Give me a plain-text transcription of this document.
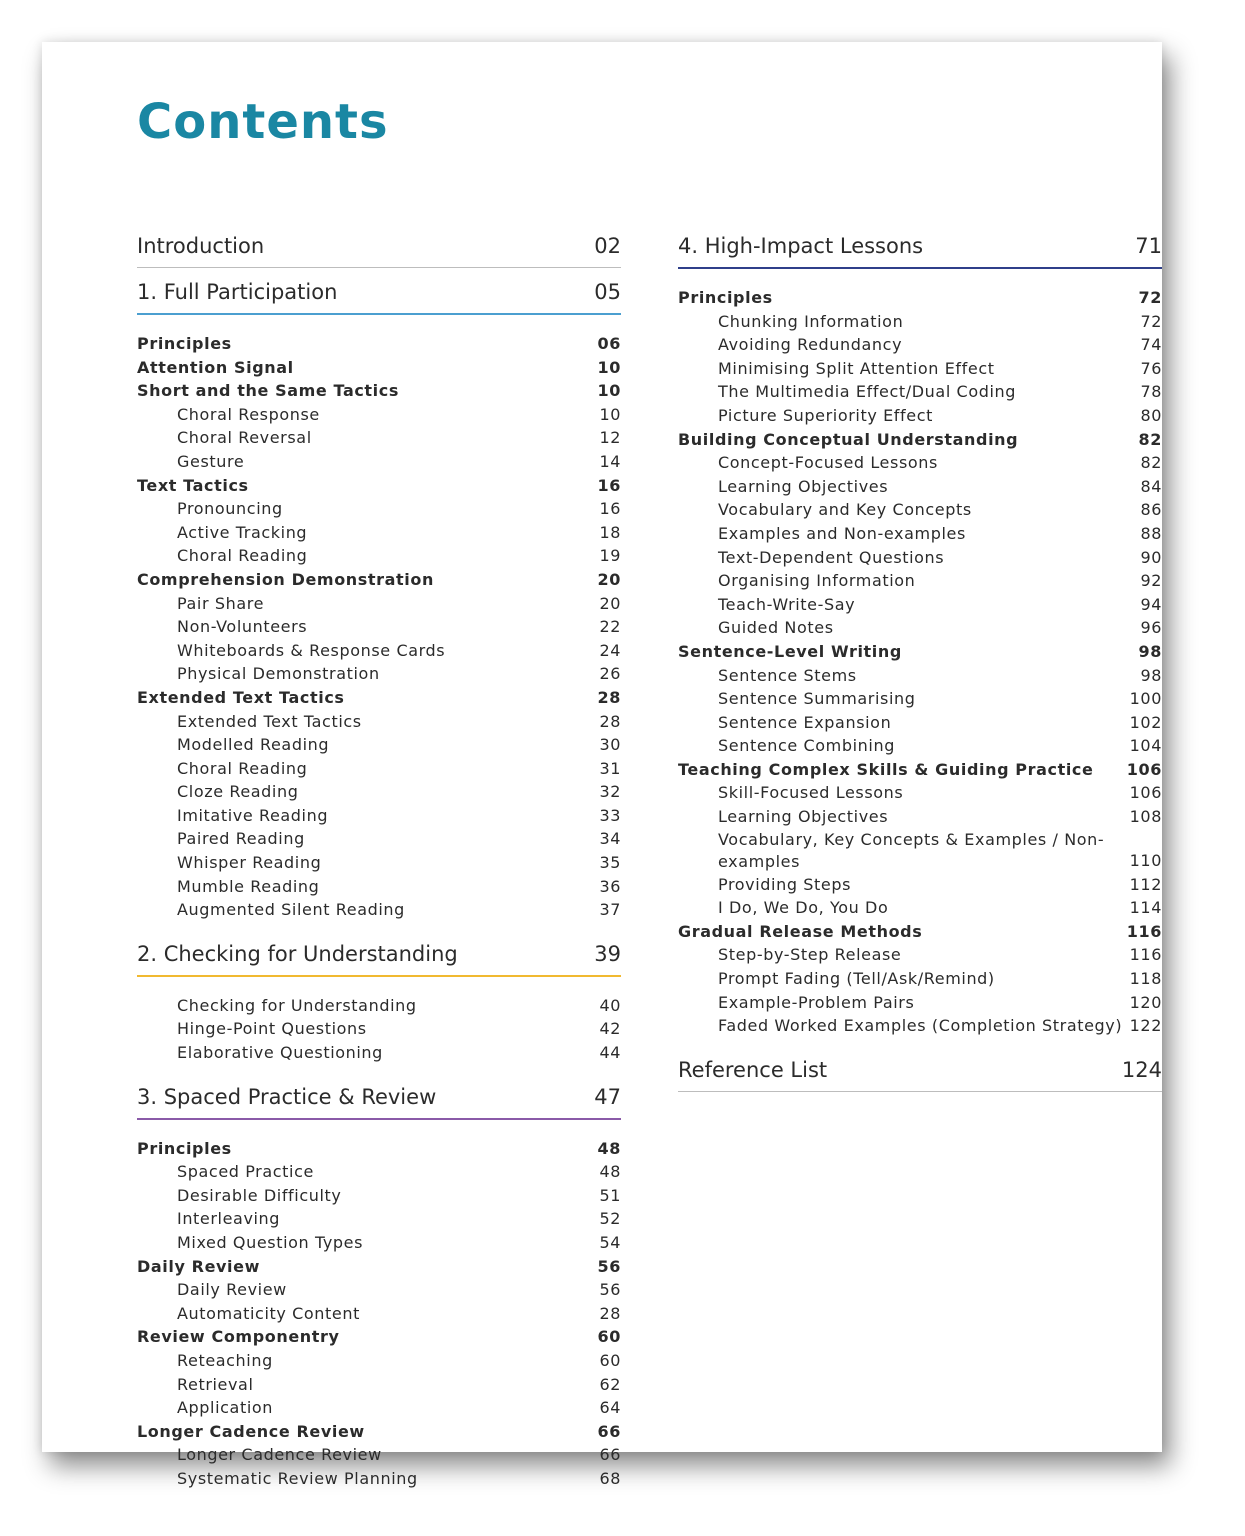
Contents
Introduction	02
1. Full Participation	05
Principles	06
Attention Signal	10
Short and the Same Tactics	10
Choral Response	10
Choral Reversal	12
Gesture	14
Text Tactics	16
Pronouncing	16
Active Tracking	18
Choral Reading	19
Comprehension Demonstration	20
Pair Share	20
Non-Volunteers	22
Whiteboards & Response Cards	24
Physical Demonstration	26
Extended Text Tactics	28
Extended Text Tactics	28
Modelled Reading	30
Choral Reading	31
Cloze Reading	32
Imitative Reading	33
Paired Reading	34
Whisper Reading	35
Mumble Reading	36
Augmented Silent Reading	37
2. Checking for Understanding	39
Checking for Understanding	40
Hinge-Point Questions	42
Elaborative Questioning	44
3. Spaced Practice & Review	47
Principles	48
Spaced Practice	48
Desirable Difficulty	51
Interleaving	52
Mixed Question Types	54
Daily Review	56
Daily Review	56
Automaticity Content	28
Review Componentry	60
Reteaching	60
Retrieval	62
Application	64
Longer Cadence Review	66
Longer Cadence Review	66
Systematic Review Planning	68
4. High-Impact Lessons	71
Principles	72
Chunking Information	72
Avoiding Redundancy	74
Minimising Split Attention Effect	76
The Multimedia Effect/Dual Coding	78
Picture Superiority Effect	80
Building Conceptual Understanding	82
Concept-Focused Lessons	82
Learning Objectives	84
Vocabulary and Key Concepts	86
Examples and Non-examples	88
Text-Dependent Questions	90
Organising Information	92
Teach-Write-Say	94
Guided Notes	96
Sentence-Level Writing	98
Sentence Stems	98
Sentence Summarising	100
Sentence Expansion	102
Sentence Combining	104
Teaching Complex Skills & Guiding Practice 106
Skill-Focused Lessons	106
Learning Objectives	108
Vocabulary, Key Concepts & Examples / Non-examples	110
Providing Steps	112
I Do, We Do, You Do	114
Gradual Release Methods	116
Step-by-Step Release	116
Prompt Fading (Tell/Ask/Remind)	118
Example-Problem Pairs	120
Faded Worked Examples (Completion Strategy) 122
Reference List	124
